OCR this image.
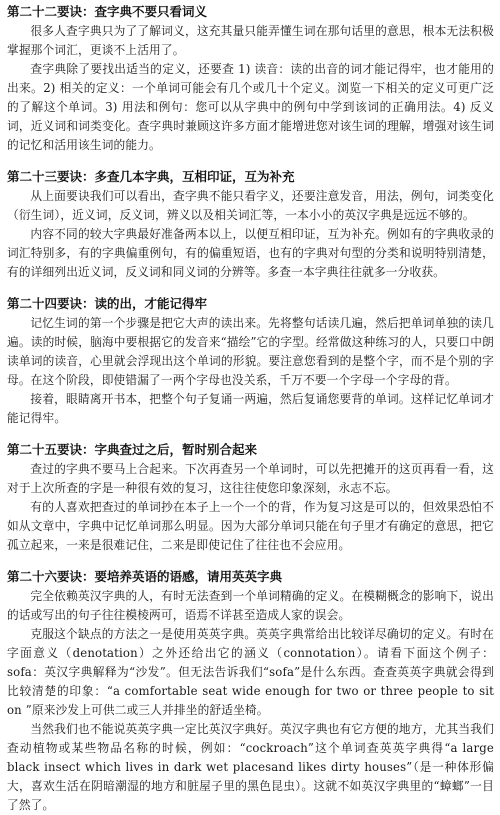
第二十二要诀：查字典不要只看词义

很多人查字典只为了了解词义，这充其量只能弄懂生词在那句话里的意思，根本无法积极掌握那个词汇，更谈不上活用了。

查字典除了要找出适当的定义，还要查 1) 读音：读的出音的词才能记得牢，也才能用的出来。2) 相关的定义：一个单词可能会有几个或几十个定义。浏览一下相关的定义可更广泛的了解这个单词。3) 用法和例句：您可以从字典中的例句中学到该词的正确用法。4) 反义词，近义词和词类变化。查字典时兼顾这许多方面才能增进您对该生词的理解，增强对该生词的记忆和活用该生词的能力。

第二十三要诀：多查几本字典，互相印证，互为补充

从上面要诀我们可以看出，查字典不能只看字义，还要注意发音，用法，例句，词类变化（衍生词），近义词，反义词，辨义以及相关词汇等，一本小小的英汉字典是远远不够的。

内容不同的较大字典最好准备两本以上，以便互相印证，互为补充。例如有的字典收录的词汇特别多，有的字典偏重例句，有的偏重短语，也有的字典对句型的分类和说明特别清楚，有的详细列出近义词，反义词和同义词的分辨等。多查一本字典往往就多一分收获。

第二十四要诀：读的出，才能记得牢

记忆生词的第一个步骤是把它大声的读出来。先将整句话读几遍，然后把单词单独的读几遍。读的时候，脑海中要根据它的发音来“描绘”它的字型。经常做这种练习的人，只要口中朗读单词的读音，心里就会浮现出这个单词的形貌。要注意您看到的是整个字，而不是个别的字母。在这个阶段，即使错漏了一两个字母也没关系，千万不要一个字母一个字母的背。

接着，眼睛离开书本，把整个句子复诵一两遍，然后复诵您要背的单词。这样记忆单词才能记得牢。

第二十五要诀：字典查过之后，暂时别合起来

查过的字典不要马上合起来。下次再查另一个单词时，可以先把摊开的这页再看一看，这对于上次所查的字是一种很有效的复习，这往往使您印象深刻，永志不忘。

有的人喜欢把查过的单词抄在本子上一个一个的背，作为复习这是可以的，但效果恐怕不如从文章中，字典中记忆单词那么明显。因为大部分单词只能在句子里才有确定的意思，把它孤立起来，一来是很难记住，二来是即使记住了往往也不会应用。

第二十六要诀：要培养英语的语感，请用英英字典

完全依赖英汉字典的人，有时无法查到一个单词精确的定义。在模糊概念的影响下，说出的话或写出的句子往往模棱两可，语焉不详甚至造成人家的误会。

克服这个缺点的方法之一是使用英英字典。英英字典常给出比较详尽确切的定义。有时在字面意义（denotation）之外还给出它的涵义（connotation）。请看下面这个例子：sofa：英汉字典解释为“沙发”。但无法告诉我们“sofa”是什么东西。查查英英字典就会得到比较清楚的印象：“a comfortable seat wide enough for two or three people to sit on ”原来沙发上可供二或三人并排坐的舒适坐椅。

当然我们也不能说英英字典一定比英汉字典好。英汉字典也有它方便的地方，尤其当我们查动植物或某些物品名称的时候，例如：“cockroach”这个单词查英英字典得“a large black insect which lives in dark wet placesand likes dirty houses”（是一种体形偏大，喜欢生活在阴暗潮湿的地方和脏屋子里的黑色昆虫）。这就不如英汉字典里的“蟑螂”一目了然了。
